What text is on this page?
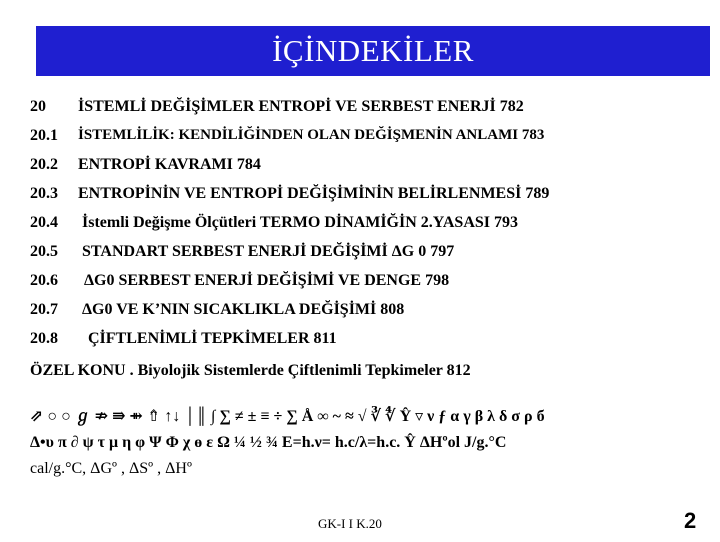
İÇİNDEKİLER
20 İSTEMLİ DEĞİŞİMLER ENTROPİ VE SERBEST ENERJİ 782
20.1 İSTEMLİLİK: KENDİLİĞİNDEN OLAN DEĞİŞMENİN ANLAMI 783
20.2 ENTROPİ KAVRAMI 784
20.3 ENTROPİNİN VE ENTROPİ DEĞİŞİMİNİN BELİRLENMESİ 789
20.4 İstemli Değişme Ölçütleri TERMO DİNAMİĞİN 2.YASASI 793
20.5 STANDART SERBEST ENERJİ DEĞİŞİMİ ΔG 0 797
20.6 ΔG0 SERBEST ENERJİ DEĞİŞİMİ VE DENGE 798
20.7 ΔG0 VE K’NIN SICAKLIKLA DEĞİŞİMİ 808
20.8 ÇİFTLENİMLİ TEPKİMELER 811
ÖZEL KONU . Biyolojik Sistemlerde Çiftlenimli Tepkimeler 812
⇗ ○ ○ ℊ ⇏ ⇛ ⇻ ⇮ ↑↓ │║ ∫ ∑ ≠ ± ≡ ÷ ∑ Å ∞ ~ ≈ √ ∛ ∜ Ŷ ▿ ν ƒ α γ β λ δ σ ρ б
Δ•υ π ∂ ψ τ μ η φ Ψ Φ χ ɵ ε Ω ¼ ½ ¾ E=h.ν= h.c/λ=h.c. Ŷ ΔHºol J/g.°C
cal/g.°C, ΔGº , ΔSº , ΔHº
GK-I I K.20	2
